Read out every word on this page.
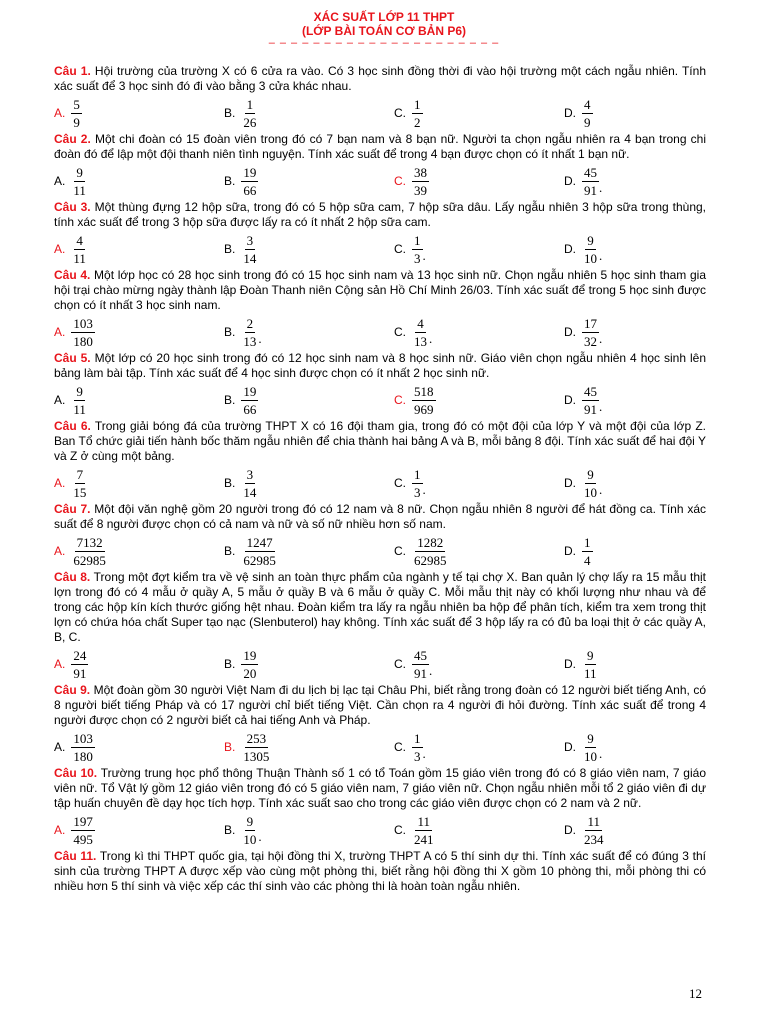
XÁC SUẤT LỚP 11 THPT
(LỚP BÀI TOÁN CƠ BẢN P6)
– – – – – – – – – – – – – – – – – – – – –

Câu 1. Hội trường của trường X có 6 cửa ra vào. Có 3 học sinh đồng thời đi vào hội trường một cách ngẫu nhiên. Tính xác suất để 3 học sinh đó đi vào bằng 3 cửa khác nhau.

A. $\frac{5}{9}$	B. $\frac{1}{26}$	C. $\frac{1}{2}$	D. $\frac{4}{9}$

Câu 2. Một chi đoàn có 15 đoàn viên trong đó có 7 bạn nam và 8 bạn nữ. Người ta chọn ngẫu nhiên ra 4 bạn trong chi đoàn đó để lập một đội thanh niên tình nguyện. Tính xác suất để trong 4 bạn được chọn có ít nhất 1 bạn nữ.

A. $\frac{9}{11}$	B. $\frac{19}{66}$	C. $\frac{38}{39}$	D. $\frac{45}{91}$ .

Câu 3. Một thùng đựng 12 hộp sữa, trong đó có 5 hộp sữa cam, 7 hộp sữa dâu. Lấy ngẫu nhiên 3 hộp sữa trong thùng, tính xác suất để trong 3 hộp sữa được lấy ra có ít nhất 2 hộp sữa cam.

A. $\frac{4}{11}$	B. $\frac{3}{14}$	C. $\frac{1}{3}$ .	D. $\frac{9}{10}$ .

Câu 4. Một lớp học có 28 học sinh trong đó có 15 học sinh nam và 13 học sinh nữ. Chọn ngẫu nhiên 5 học sinh tham gia hội trại chào mừng ngày thành lập Đoàn Thanh niên Cộng sản Hồ Chí Minh 26/03. Tính xác suất để trong 5 học sinh được chọn có ít nhất 3 học sinh nam.

A. $\frac{103}{180}$	B. $\frac{2}{13}$ .	C. $\frac{4}{13}$ .	D. $\frac{17}{32}$ .

Câu 5. Một lớp có 20 học sinh trong đó có 12 học sinh nam và 8 học sinh nữ. Giáo viên chọn ngẫu nhiên 4 học sinh lên bảng làm bài tập. Tính xác suất để 4 học sinh được chọn có ít nhất 2 học sinh nữ.

A. $\frac{9}{11}$	B. $\frac{19}{66}$	C. $\frac{518}{969}$	D. $\frac{45}{91}$ .

Câu 6. Trong giải bóng đá của trường THPT X có 16 đội tham gia, trong đó có một đội của lớp Y và một đội của lớp Z. Ban Tổ chức giải tiến hành bốc thăm ngẫu nhiên để chia thành hai bảng A và B, mỗi bảng 8 đội. Tính xác suất để hai đội Y và Z ở cùng một bảng.

A. $\frac{7}{15}$	B. $\frac{3}{14}$	C. $\frac{1}{3}$ .	D. $\frac{9}{10}$ .

Câu 7. Một đội văn nghệ gồm 20 người trong đó có 12 nam và 8 nữ. Chọn ngẫu nhiên 8 người để hát đồng ca. Tính xác suất để 8 người được chọn có cả nam và nữ và số nữ nhiều hơn số nam.

A. $\frac{7132}{62985}$	B. $\frac{1247}{62985}$	C. $\frac{1282}{62985}$	D. $\frac{1}{4}$

Câu 8. Trong một đợt kiểm tra về vệ sinh an toàn thực phẩm của ngành y tế tại chợ X. Ban quản lý chợ lấy ra 15 mẫu thịt lợn trong đó có 4 mẫu ở quầy A, 5 mẫu ở quầy B và 6 mẫu ở quầy C. Mỗi mẫu thịt này có khối lượng như nhau và để trong các hộp kín kích thước giống hệt nhau. Đoàn kiểm tra lấy ra ngẫu nhiên ba hộp để phân tích, kiểm tra xem trong thịt lợn có chứa hóa chất Super tạo nạc (Slenbuterol) hay không. Tính xác suất để 3 hộp lấy ra có đủ ba loại thịt ở các quầy A, B, C.

A. $\frac{24}{91}$	B. $\frac{19}{20}$	C. $\frac{45}{91}$ .	D. $\frac{9}{11}$

Câu 9. Một đoàn gồm 30 người Việt Nam đi du lịch bị lạc tại Châu Phi, biết rằng trong đoàn có 12 người biết tiếng Anh, có 8 người biết tiếng Pháp và có 17 người chỉ biết tiếng Việt. Cần chọn ra 4 người đi hỏi đường. Tính xác suất để trong 4 người được chọn có 2 người biết cả hai tiếng Anh và Pháp.

A. $\frac{103}{180}$	B. $\frac{253}{1305}$	C. $\frac{1}{3}$ .	D. $\frac{9}{10}$ .

Câu 10. Trường trung học phổ thông Thuận Thành số 1 có tổ Toán gồm 15 giáo viên trong đó có 8 giáo viên nam, 7 giáo viên nữ. Tổ Vật lý gồm 12 giáo viên trong đó có 5 giáo viên nam, 7 giáo viên nữ. Chọn ngẫu nhiên mỗi tổ 2 giáo viên đi dự tập huấn chuyên đề dạy học tích hợp. Tính xác suất sao cho trong các giáo viên được chọn có 2 nam và 2 nữ.

A. $\frac{197}{495}$	B. $\frac{9}{10}$ .	C. $\frac{11}{241}$	D. $\frac{11}{234}$

Câu 11. Trong kì thi THPT quốc gia, tại hội đồng thi X, trường THPT A có 5 thí sinh dự thi. Tính xác suất để có đúng 3 thí sinh của trường THPT A được xếp vào cùng một phòng thi, biết rằng hội đồng thi X gồm 10 phòng thi, mỗi phòng thi có nhiều hơn 5 thí sinh và việc xếp các thí sinh vào các phòng thi là hoàn toàn ngẫu nhiên.

12
